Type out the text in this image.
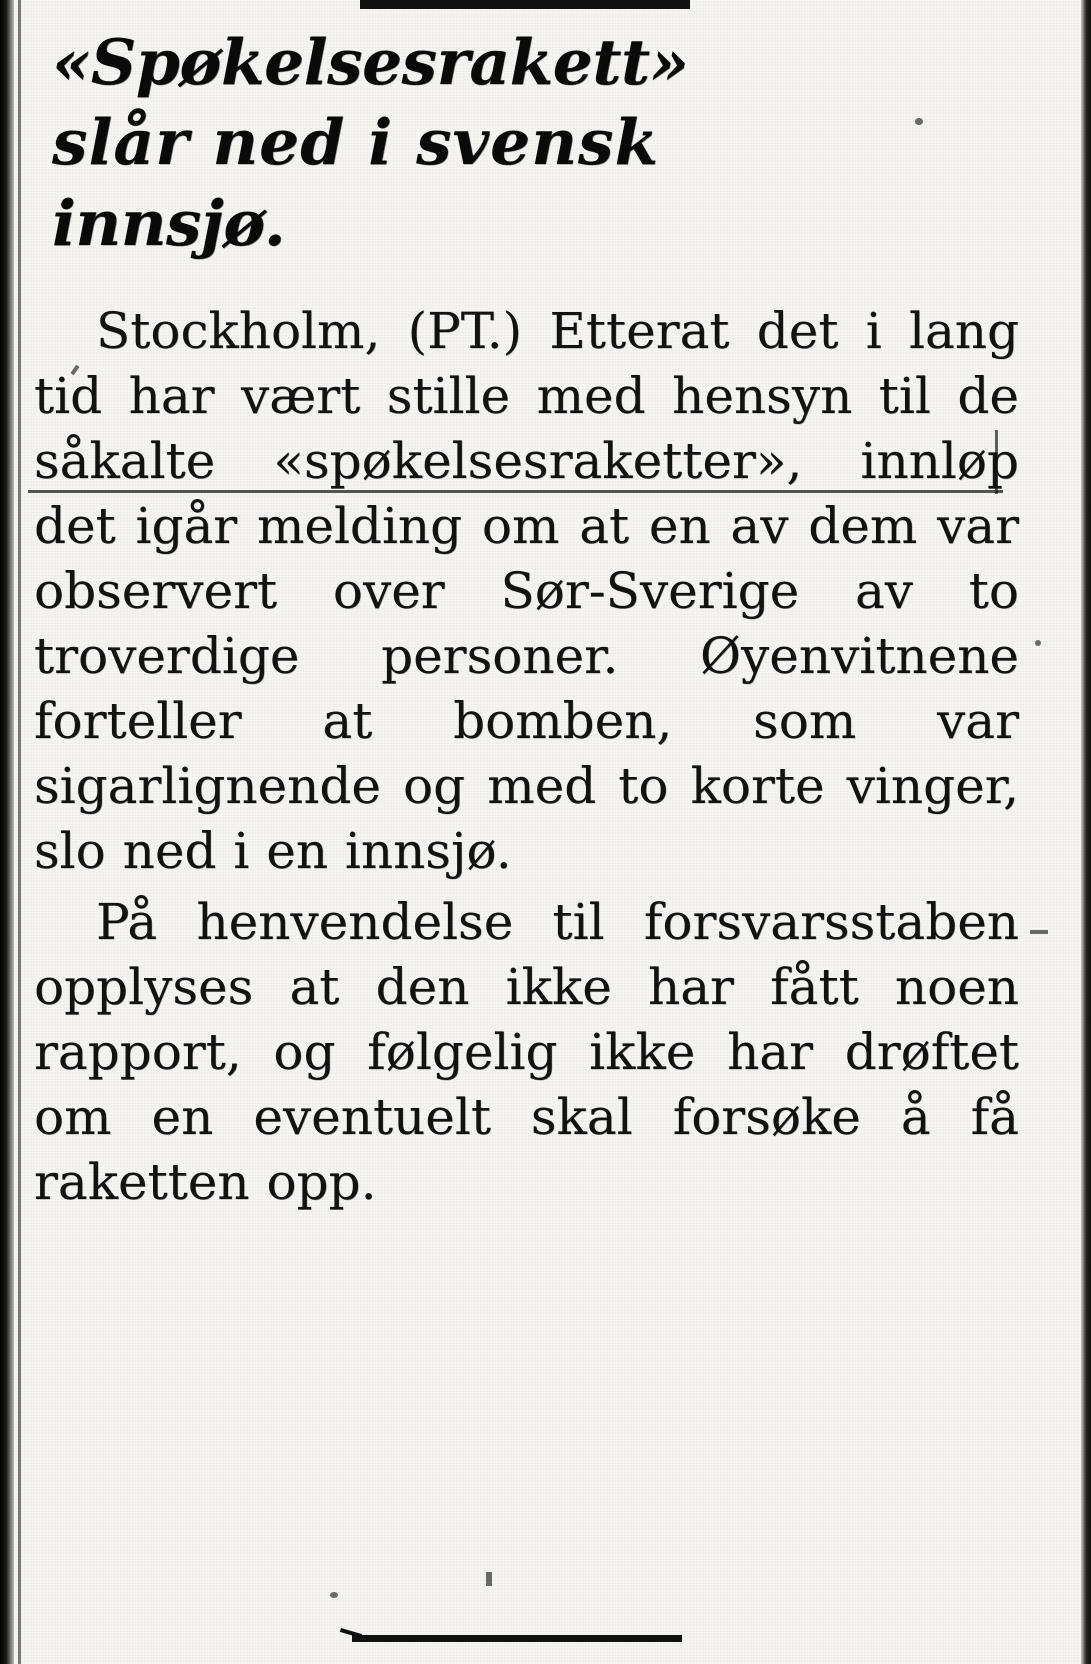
«Spøkelsesrakett»
slår ned i svensk
innsjø.

Stockholm, (PT.) Etterat det i lang tid har vært stille med hensyn til de såkalte «spøkelsesraketter», innløp det igår melding om at en av dem var observert over Sør-Sverige av to troverdige personer. Øyenvitnene forteller at bomben, som var sigarlignende og med to korte vinger, slo ned i en innsjø.

På henvendelse til forsvarsstaben opplyses at den ikke har fått noen rapport, og følgelig ikke har drøftet om en eventuelt skal forsøke å få raketten opp.
